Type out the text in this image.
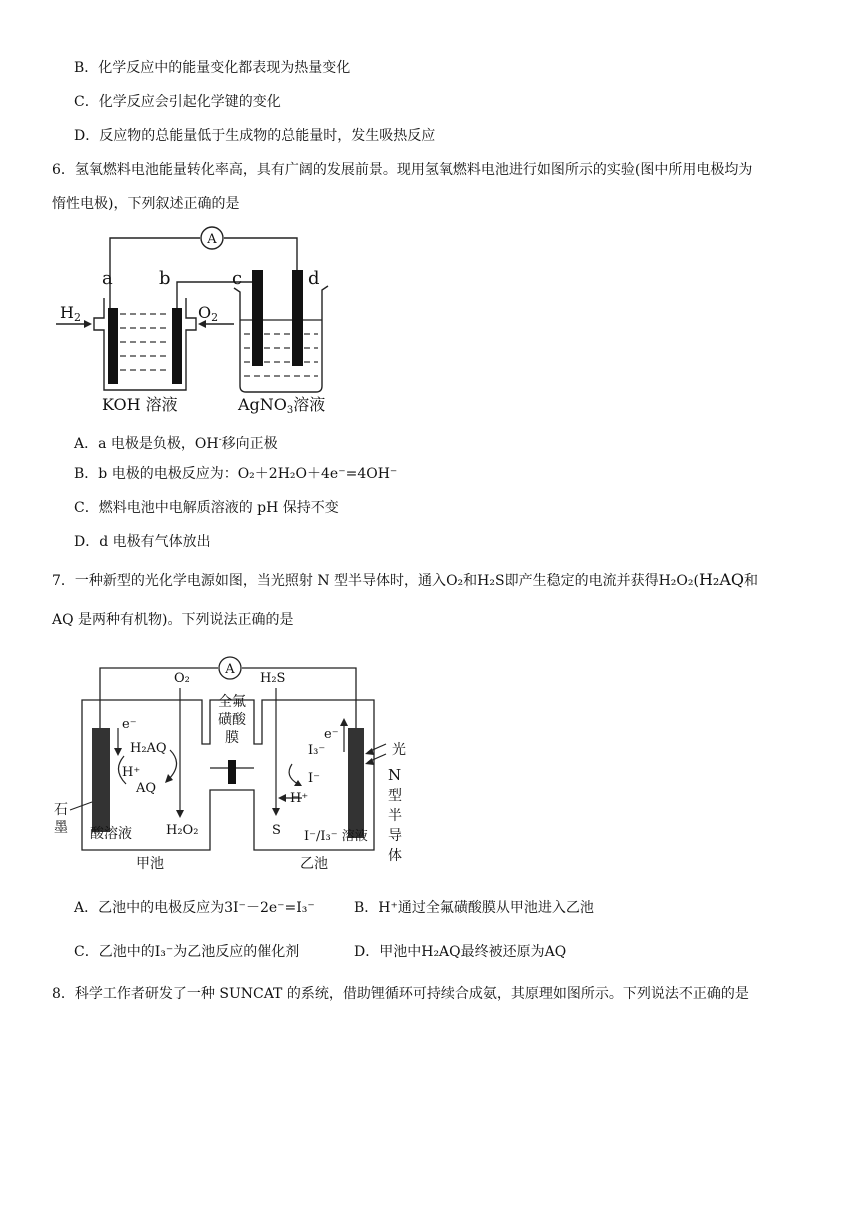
B．化学反应中的能量变化都表现为热量变化
C．化学反应会引起化学键的变化
D．反应物的总能量低于生成物的总能量时，发生吸热反应
6．氢氧燃料电池能量转化率高，具有广阔的发展前景。现用氢氧燃料电池进行如图所示的实验(图中所用电极均为
惰性电极)，下列叙述正确的是
A
a	b	c	d
H2	O2
KOH 溶液	AgNO3溶液
A．a 电极是负极，OH-移向正极
B．b 电极的电极反应为：O₂＋2H₂O＋4e⁻=4OH⁻
C．燃料电池中电解质溶液的 pH 保持不变
D．d 电极有气体放出
7．一种新型的光化学电源如图，当光照射 N 型半导体时，通入O₂和H₂S即产生稳定的电流并获得H₂O₂(H₂AQ和
AQ 是两种有机物)。下列说法正确的是
A
O₂	H₂S
全氟
磺酸
膜
e⁻
H₂AQ
H⁺
AQ
石
墨 酸溶液	H₂O₂
甲池
e⁻
I₃⁻
I⁻
H⁺
S I⁻/I₃⁻ 溶液
乙池
光
N
型
半
导
体
A．乙池中的电极反应为3I⁻－2e⁻=I₃⁻	B．H⁺通过全氟磺酸膜从甲池进入乙池
C．乙池中的I₃⁻为乙池反应的催化剂	D．甲池中H₂AQ最终被还原为AQ
8．科学工作者研发了一种 SUNCAT 的系统，借助锂循环可持续合成氨，其原理如图所示。下列说法不正确的是
